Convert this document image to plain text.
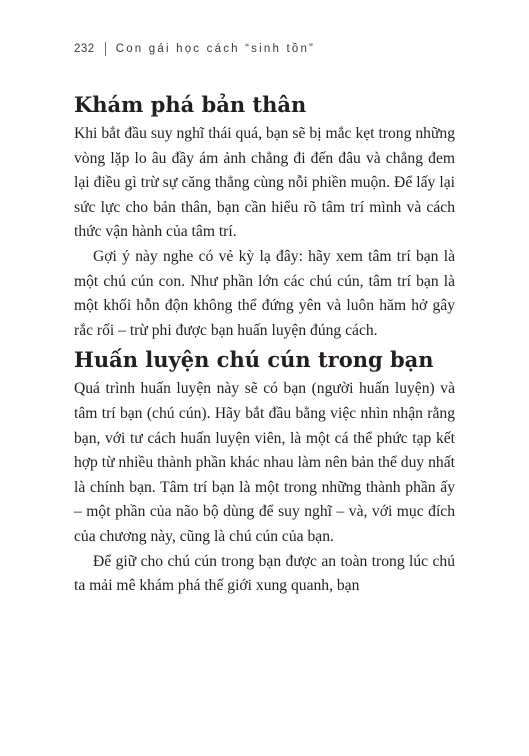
232 Con gái học cách “sinh tồn”
Khám phá bản thân

Khi bắt đầu suy nghĩ thái quá, bạn sẽ bị mắc kẹt trong những vòng lặp lo âu đầy ám ảnh chẳng đi đến đâu và chẳng đem lại điều gì trừ sự căng thẳng cùng nỗi phiền muộn. Để lấy lại sức lực cho bản thân, bạn cần hiểu rõ tâm trí mình và cách thức vận hành của tâm trí.

Gợi ý này nghe có vẻ kỳ lạ đây: hãy xem tâm trí bạn là một chú cún con. Như phần lớn các chú cún, tâm trí bạn là một khối hỗn độn không thể đứng yên và luôn hăm hở gây rắc rối – trừ phi được bạn huấn luyện đúng cách.

Huấn luyện chú cún trong bạn

Quá trình huấn luyện này sẽ có bạn (người huấn luyện) và tâm trí bạn (chú cún). Hãy bắt đầu bằng việc nhìn nhận rằng bạn, với tư cách huấn luyện viên, là một cá thể phức tạp kết hợp từ nhiều thành phần khác nhau làm nên bản thể duy nhất là chính bạn. Tâm trí bạn là một trong những thành phần ấy – một phần của não bộ dùng để suy nghĩ – và, với mục đích của chương này, cũng là chú cún của bạn.

Để giữ cho chú cún trong bạn được an toàn trong lúc chú ta mải mê khám phá thế giới xung quanh, bạn
